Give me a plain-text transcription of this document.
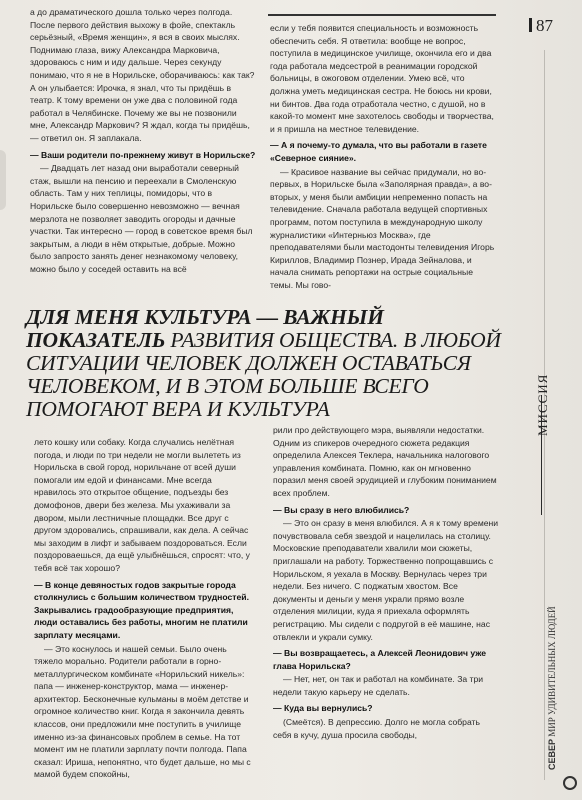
87
МИССИЯ
СЕВЕР МИР УДИВИТЕЛЬНЫХ ЛЮДЕЙ

а до драматического дошла только через полгода. После первого действия выхожу в фойе, спектакль серьёзный, «Время женщин», я вся в своих мыслях. Поднимаю глаза, вижу Александра Марковича, здороваюсь с ним и иду дальше. Через секунду понимаю, что я не в Норильске, оборачиваюсь: как так? А он улыбается: Ирочка, я знал, что ты придёшь в театр. К тому времени он уже два с половиной года работал в Челябинске. Почему же вы не позвонили мне, Александр Маркович? Я ждал, когда ты придёшь, — ответил он. Я заплакала.

— Ваши родители по-прежнему живут в Норильске?

— Двадцать лет назад они выработали северный стаж, вышли на пенсию и переехали в Смоленскую область. Там у них теплицы, помидоры, что в Норильске было совершенно невозможно — вечная мерзлота не позволяет заводить огороды и дачные участки. Так интересно — город в советское время был закрытым, а люди в нём открытые, добрые. Можно было запросто занять денег незнакомому человеку, можно было у соседей оставить на всё

если у тебя появится специальность и возможность обеспечить себя. Я ответила: вообще не вопрос, поступила в медицинское училище, окончила его и два года работала медсестрой в реанимации городской больницы, в ожоговом отделении. Умею всё, что должна уметь медицинская сестра. Не боюсь ни крови, ни бинтов. Два года отработала честно, с душой, но в какой-то момент мне захотелось свободы и творчества, и я пришла на местное телевидение.

— А я почему-то думала, что вы работали в газете «Северное сияние».

— Красивое название вы сейчас придумали, но во-первых, в Норильске была «Заполярная правда», а во-вторых, у меня были амбиции непременно попасть на телевидение. Сначала работала ведущей спортивных программ, потом поступила в международную школу журналистики «Интерньюз Москва», где преподавателями были мастодонты телевидения Игорь Кириллов, Владимир Познер, Ирада Зейналова, и начала снимать репортажи на острые социальные темы. Мы гово-

ДЛЯ МЕНЯ КУЛЬТУРА — ВАЖНЫЙ ПОКАЗАТЕЛЬ РАЗВИТИЯ ОБЩЕСТВА. В ЛЮБОЙ СИТУАЦИИ ЧЕЛОВЕК ДОЛЖЕН ОСТАВАТЬСЯ ЧЕЛОВЕКОМ, И В ЭТОМ БОЛЬШЕ ВСЕГО ПОМОГАЮТ ВЕРА И КУЛЬТУРА

лето кошку или собаку. Когда случались нелётная погода, и люди по три недели не могли вылететь из Норильска в свой город, норильчане от всей души помогали им едой и финансами. Мне всегда нравилось это открытое общение, подъезды без домофонов, двери без железа. Мы ухаживали за двором, мыли лестничные площадки. Все друг с другом здоровались, спрашивали, как дела. А сейчас мы заходим в лифт и забываем поздороваться. Если поздороваешься, да ещё улыбнёшься, спросят: что, у тебя всё так хорошо?

— В конце девяностых годов закрытые города столкнулись с большим количеством трудностей. Закрывались градообразующие предприятия, люди оставались без работы, многим не платили зарплату месяцами.

— Это коснулось и нашей семьи. Было очень тяжело морально. Родители работали в горно-металлургическом комбинате «Норильский никель»: папа — инженер-конструктор, мама — инженер-архитектор. Бесконечные кульманы в моём детстве и огромное количество книг. Когда я закончила девять классов, они предложили мне поступить в училище именно из-за финансовых проблем в семье. На тот момент им не платили зарплату почти полгода. Папа сказал: Ириша, непонятно, что будет дальше, но мы с мамой будем спокойны,

рили про действующего мэра, выявляли недостатки. Одним из спикеров очередного сюжета редакция определила Алексея Теклера, начальника налогового управления комбината. Помню, как он мгновенно поразил меня своей эрудицией и глубоким пониманием всех проблем.

— Вы сразу в него влюбились?

— Это он сразу в меня влюбился. А я к тому времени почувствовала себя звездой и нацелилась на столицу. Московские преподаватели хвалили мои сюжеты, приглашали на работу. Торжественно попрощавшись с Норильском, я уехала в Москву. Вернулась через три недели. Без ничего. С поджатым хвостом. Все документы и деньги у меня украли прямо возле отделения милиции, куда я приехала оформлять регистрацию. Мы сидели с подругой в её машине, нас отвлекли и украли сумку.

— Вы возвращаетесь, а Алексей Леонидович уже глава Норильска?

— Нет, нет, он так и работал на комбинате. За три недели такую карьеру не сделать.

— Куда вы вернулись?

(Смеётся). В депрессию. Долго не могла собрать себя в кучу, душа просила свободы,
